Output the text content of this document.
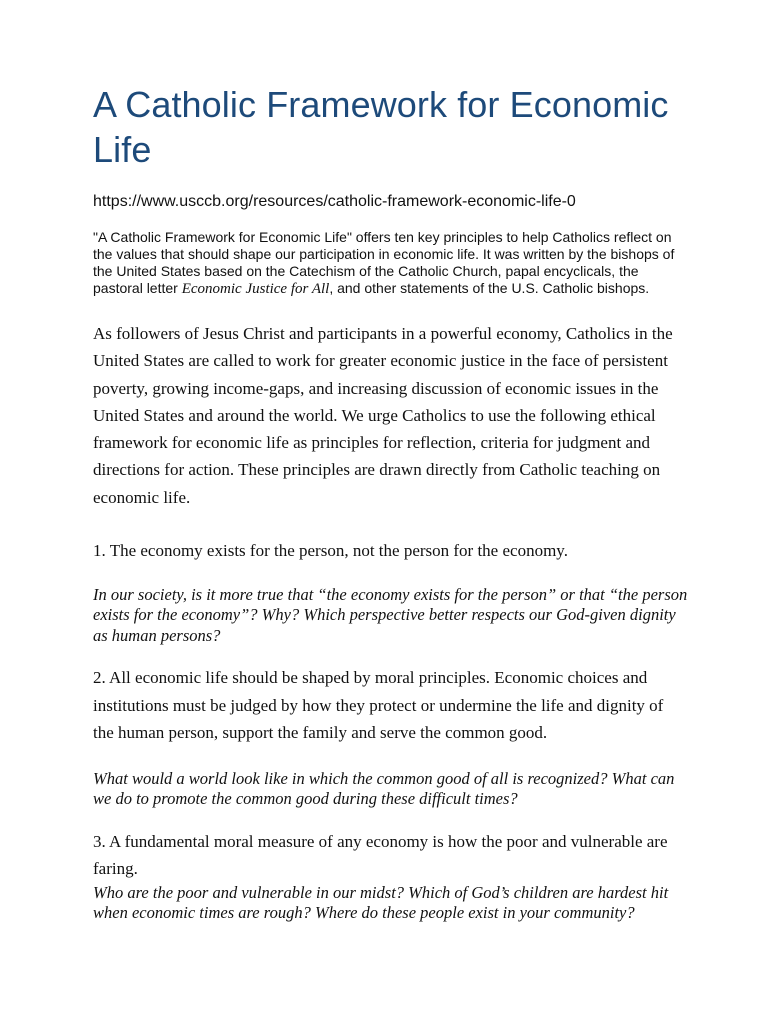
A Catholic Framework for Economic Life
https://www.usccb.org/resources/catholic-framework-economic-life-0
"A Catholic Framework for Economic Life" offers ten key principles to help Catholics reflect on the values that should shape our participation in economic life. It was written by the bishops of the United States based on the Catechism of the Catholic Church, papal encyclicals, the pastoral letter Economic Justice for All, and other statements of the U.S. Catholic bishops.
As followers of Jesus Christ and participants in a powerful economy, Catholics in the United States are called to work for greater economic justice in the face of persistent poverty, growing income-gaps, and increasing discussion of economic issues in the United States and around the world. We urge Catholics to use the following ethical framework for economic life as principles for reflection, criteria for judgment and directions for action. These principles are drawn directly from Catholic teaching on economic life.
1. The economy exists for the person, not the person for the economy.
In our society, is it more true that “the economy exists for the person” or that “the person exists for the economy”? Why? Which perspective better respects our God-given dignity as human persons?
2. All economic life should be shaped by moral principles. Economic choices and institutions must be judged by how they protect or undermine the life and dignity of the human person, support the family and serve the common good.
What would a world look like in which the common good of all is recognized? What can we do to promote the common good during these difficult times?
3. A fundamental moral measure of any economy is how the poor and vulnerable are faring.
Who are the poor and vulnerable in our midst? Which of God’s children are hardest hit when economic times are rough? Where do these people exist in your community?
